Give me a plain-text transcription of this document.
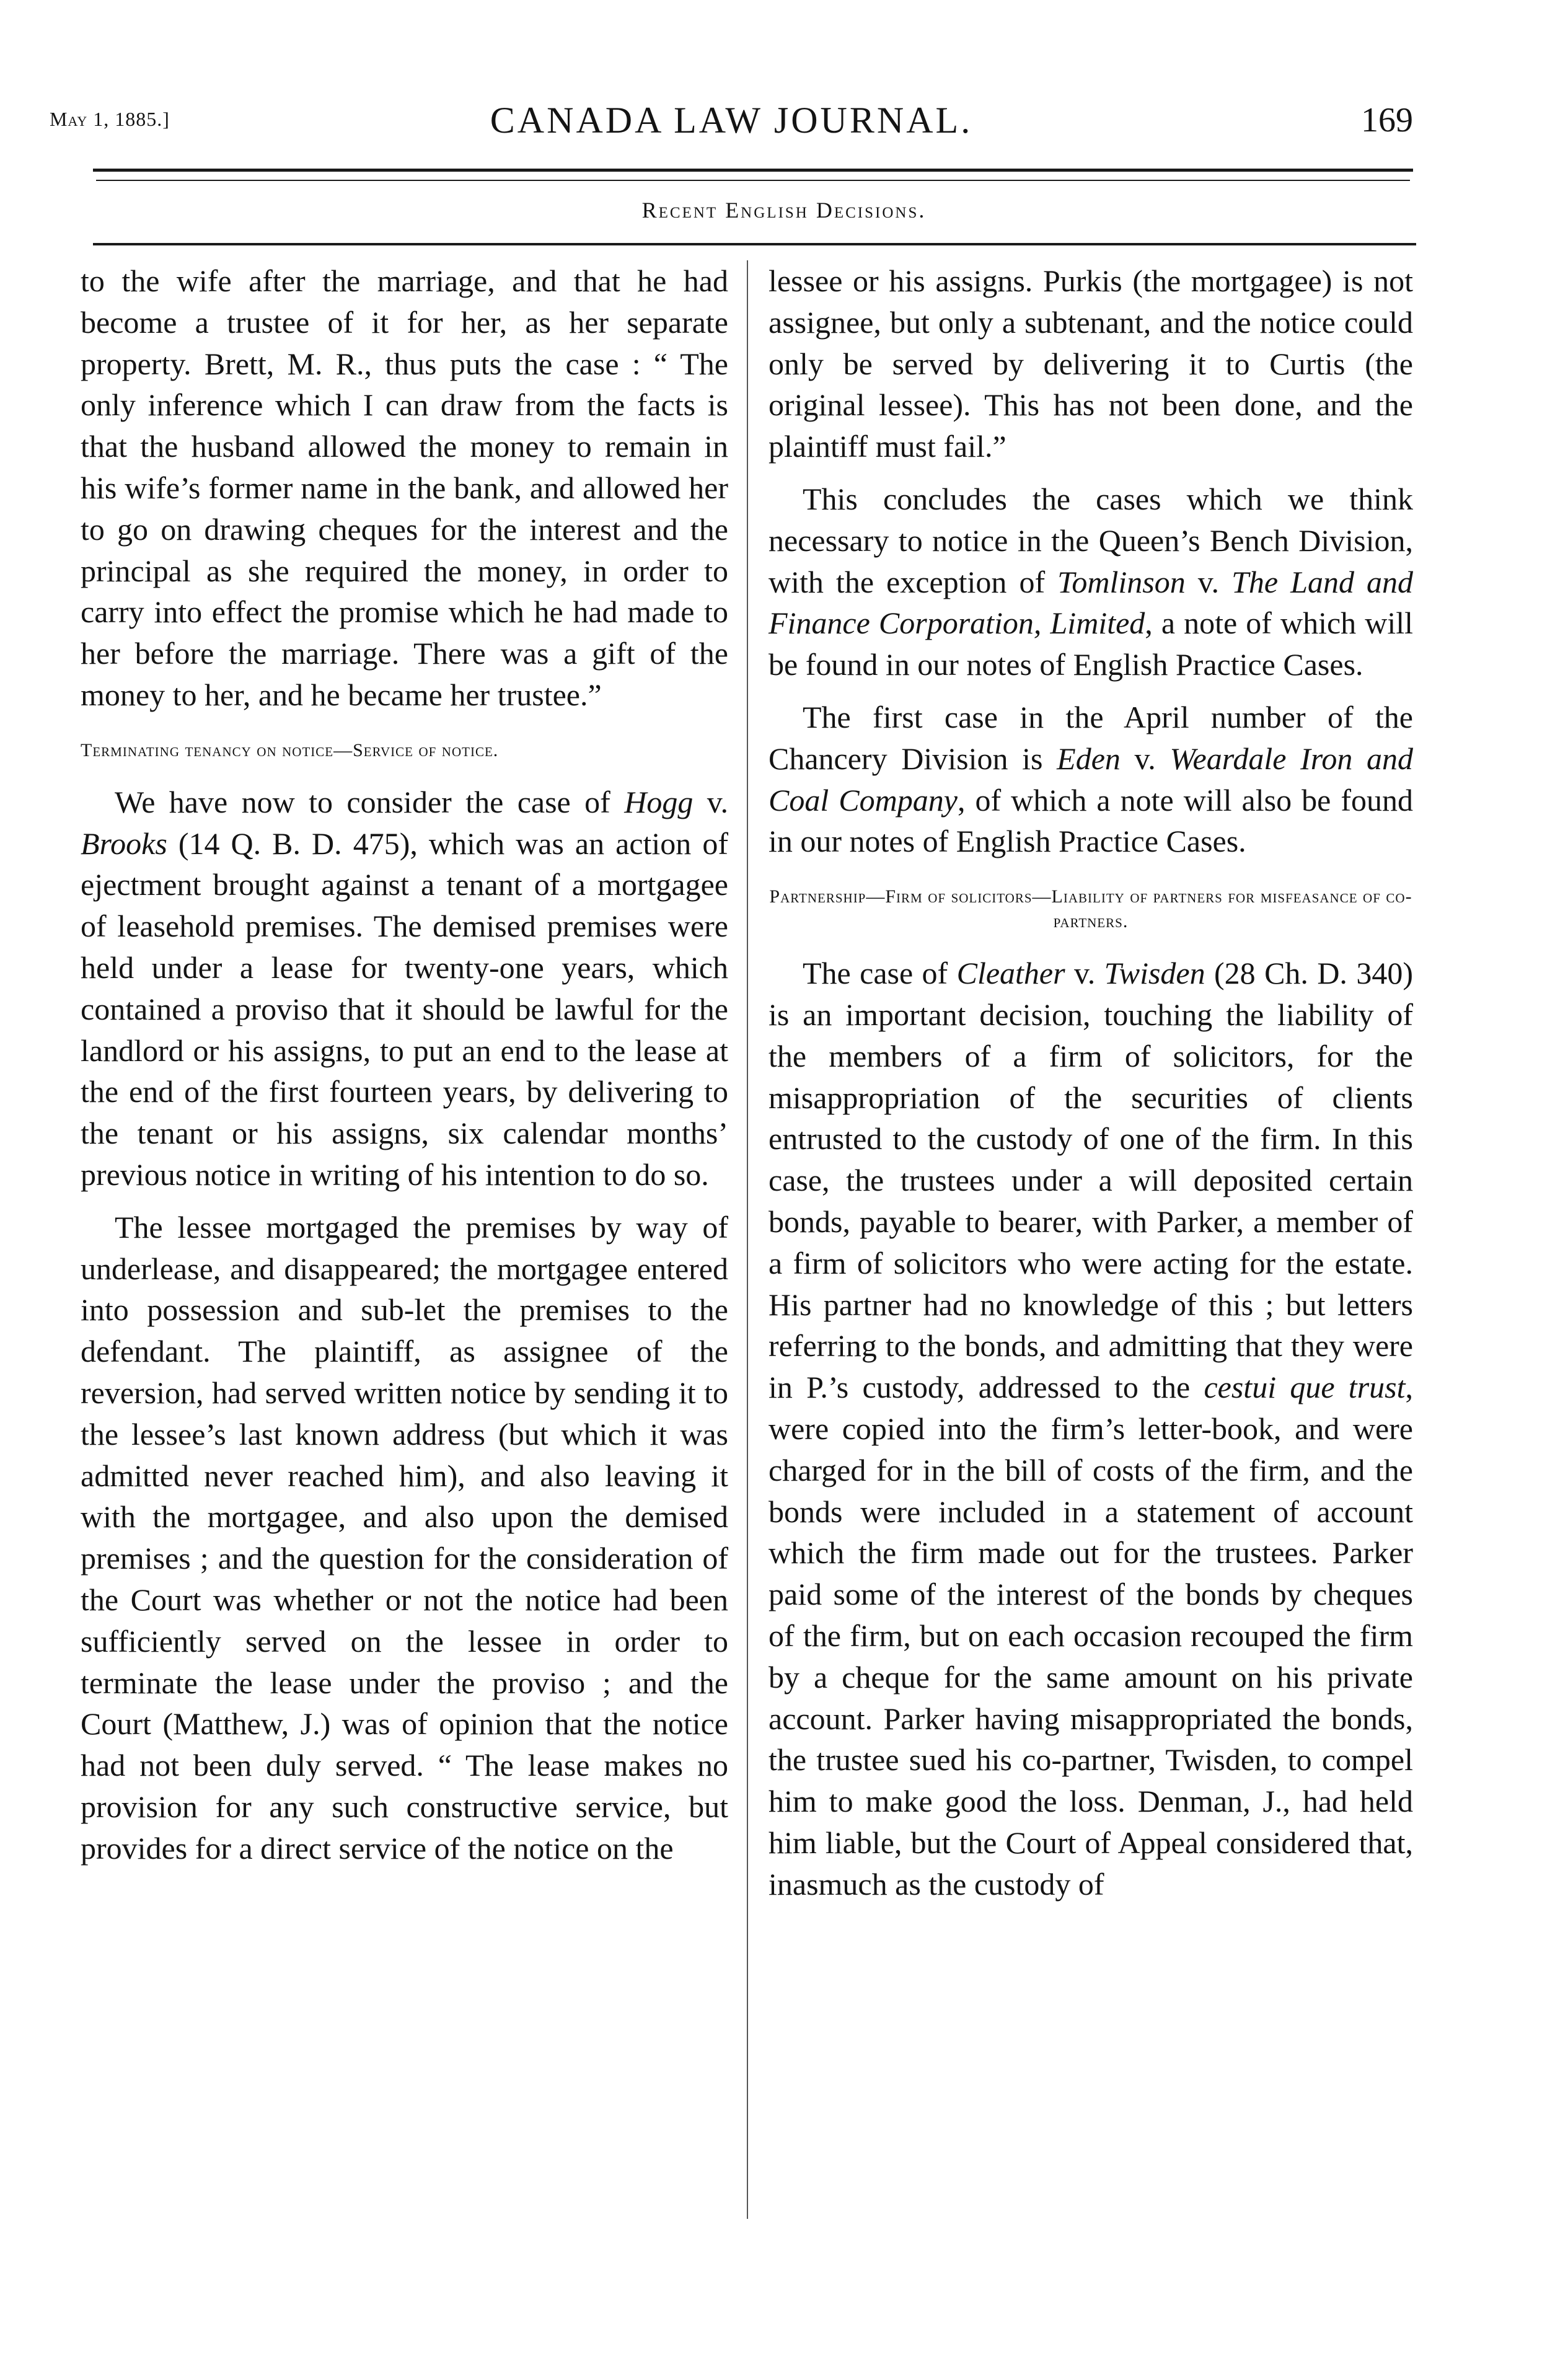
May 1, 1885.]	CANADA LAW JOURNAL.	169
Recent English Decisions.

to the wife after the marriage, and that he had become a trustee of it for her, as her separate property. Brett, M. R., thus puts the case : “ The only inference which I can draw from the facts is that the husband allowed the money to remain in his wife’s former name in the bank, and allowed her to go on drawing cheques for the interest and the principal as she required the money, in order to carry into effect the promise which he had made to her before the marriage. There was a gift of the money to her, and he became her trustee.”

Terminating tenancy on notice—Service of notice.

We have now to consider the case of Hogg v. Brooks (14 Q. B. D. 475), which was an action of ejectment brought against a tenant of a mortgagee of leasehold premises. The demised premises were held under a lease for twenty-one years, which contained a proviso that it should be lawful for the landlord or his assigns, to put an end to the lease at the end of the first fourteen years, by delivering to the tenant or his assigns, six calendar months’ previous notice in writing of his intention to do so.

The lessee mortgaged the premises by way of underlease, and disappeared; the mortgagee entered into possession and sub-let the premises to the defendant. The plaintiff, as assignee of the reversion, had served written notice by sending it to the lessee’s last known address (but which it was admitted never reached him), and also leaving it with the mortgagee, and also upon the demised premises ; and the question for the consideration of the Court was whether or not the notice had been sufficiently served on the lessee in order to terminate the lease under the proviso ; and the Court (Matthew, J.) was of opinion that the notice had not been duly served. “ The lease makes no provision for any such constructive service, but provides for a direct service of the notice on the

lessee or his assigns. Purkis (the mortgagee) is not assignee, but only a subtenant, and the notice could only be served by delivering it to Curtis (the original lessee). This has not been done, and the plaintiff must fail.”

This concludes the cases which we think necessary to notice in the Queen’s Bench Division, with the exception of Tomlinson v. The Land and Finance Corporation, Limited, a note of which will be found in our notes of English Practice Cases.

The first case in the April number of the Chancery Division is Eden v. Weardale Iron and Coal Company, of which a note will also be found in our notes of English Practice Cases.

Partnership—Firm of solicitors—Liability of partners for misfeasance of co-partners.

The case of Cleather v. Twisden (28 Ch. D. 340) is an important decision, touching the liability of the members of a firm of solicitors, for the misappropriation of the securities of clients entrusted to the custody of one of the firm. In this case, the trustees under a will deposited certain bonds, payable to bearer, with Parker, a member of a firm of solicitors who were acting for the estate. His partner had no knowledge of this ; but letters referring to the bonds, and admitting that they were in P.’s custody, addressed to the cestui que trust, were copied into the firm’s letter-book, and were charged for in the bill of costs of the firm, and the bonds were included in a statement of account which the firm made out for the trustees. Parker paid some of the interest of the bonds by cheques of the firm, but on each occasion recouped the firm by a cheque for the same amount on his private account. Parker having misappropriated the bonds, the trustee sued his co-partner, Twisden, to compel him to make good the loss. Denman, J., had held him liable, but the Court of Appeal considered that, inasmuch as the custody of
